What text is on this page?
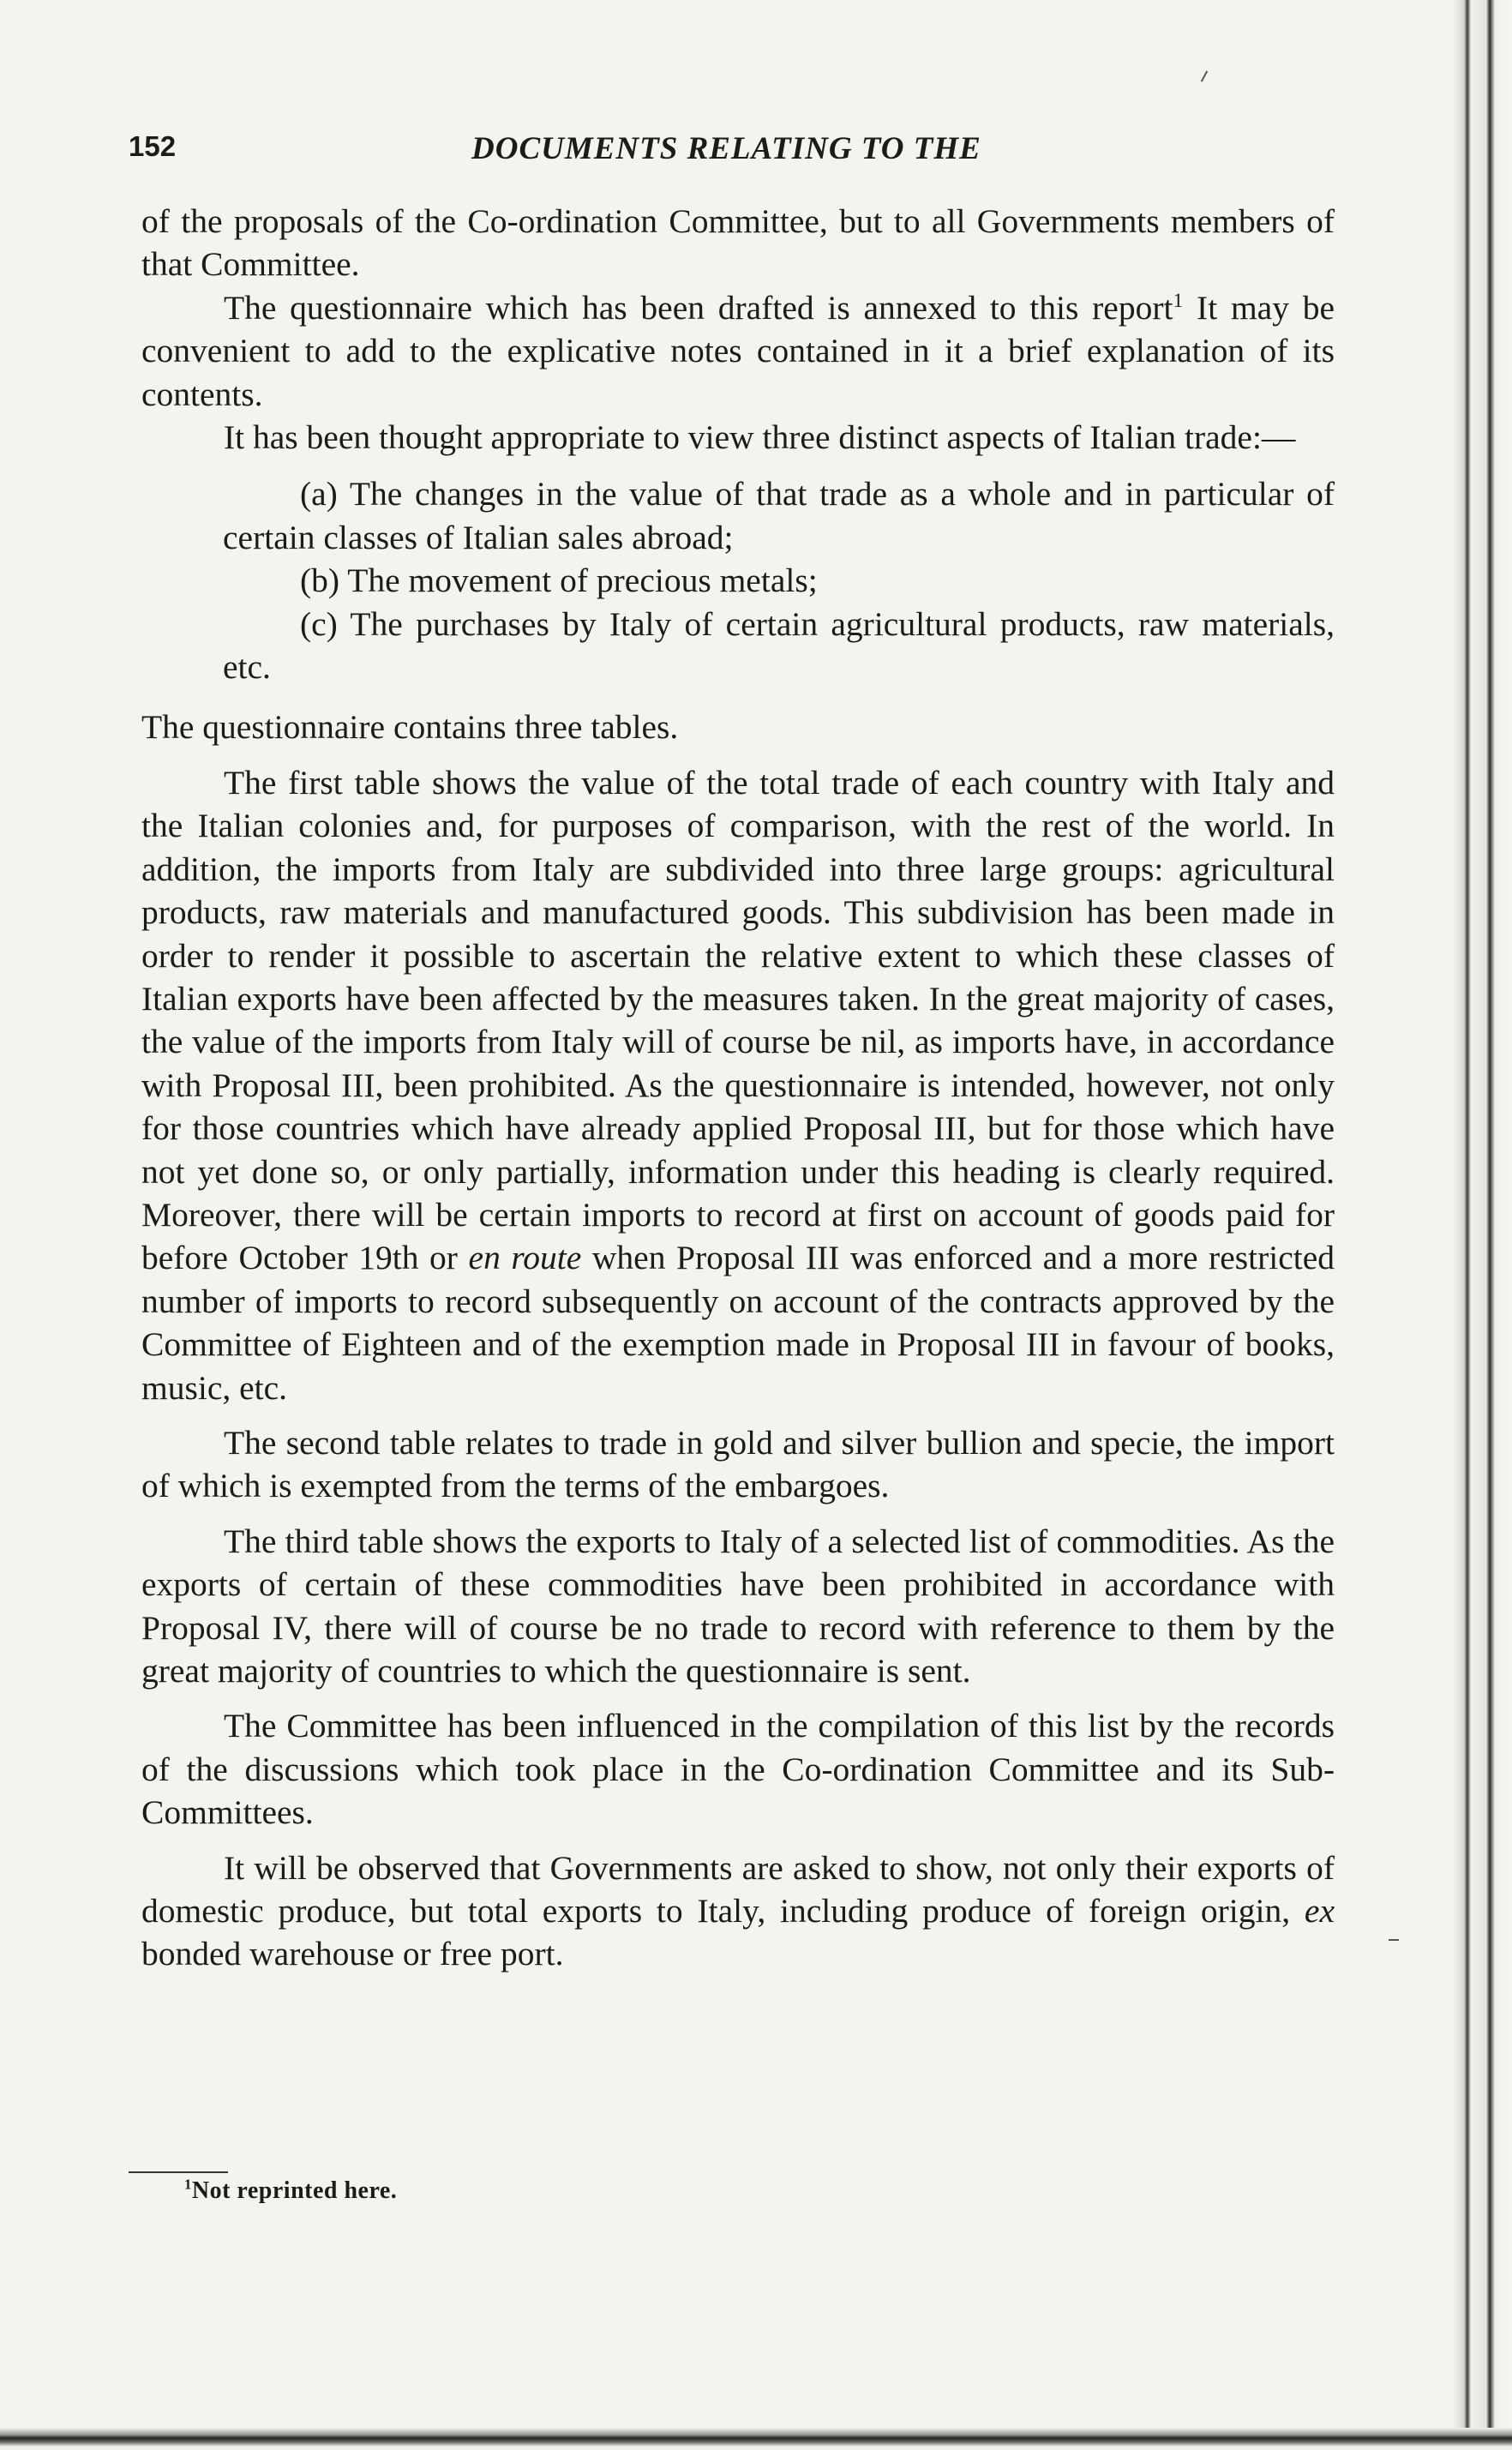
152	DOCUMENTS RELATING TO THE

of the proposals of the Co-ordination Committee, but to all Governments members of that Committee.

The questionnaire which has been drafted is annexed to this report$^1$ It may be convenient to add to the explicative notes contained in it a brief explanation of its contents.

It has been thought appropriate to view three distinct aspects of Italian trade:—

(a) The changes in the value of that trade as a whole and in particular of certain classes of Italian sales abroad;

(b) The movement of precious metals;

(c) The purchases by Italy of certain agricultural products, raw materials, etc.

The questionnaire contains three tables.

The first table shows the value of the total trade of each country with Italy and the Italian colonies and, for purposes of comparison, with the rest of the world. In addition, the imports from Italy are subdivided into three large groups: agricultural products, raw materials and manufactured goods. This subdivision has been made in order to render it possible to ascertain the relative extent to which these classes of Italian exports have been affected by the measures taken. In the great majority of cases, the value of the imports from Italy will of course be nil, as imports have, in accordance with Proposal III, been prohibited. As the questionnaire is intended, however, not only for those countries which have already applied Proposal III, but for those which have not yet done so, or only partially, information under this heading is clearly required. Moreover, there will be certain imports to record at first on account of goods paid for before October 19th or en route when Proposal III was enforced and a more restricted number of imports to record subsequently on account of the contracts approved by the Committee of Eighteen and of the exemption made in Proposal III in favour of books, music, etc.

The second table relates to trade in gold and silver bullion and specie, the import of which is exempted from the terms of the embargoes.

The third table shows the exports to Italy of a selected list of commodities. As the exports of certain of these commodities have been prohibited in accordance with Proposal IV, there will of course be no trade to record with reference to them by the great majority of countries to which the questionnaire is sent.

The Committee has been influenced in the compilation of this list by the records of the discussions which took place in the Co-ordination Committee and its Sub-Committees.

It will be observed that Governments are asked to show, not only their exports of domestic produce, but total exports to Italy, including produce of foreign origin, ex bonded warehouse or free port.

$^1$Not reprinted here.
